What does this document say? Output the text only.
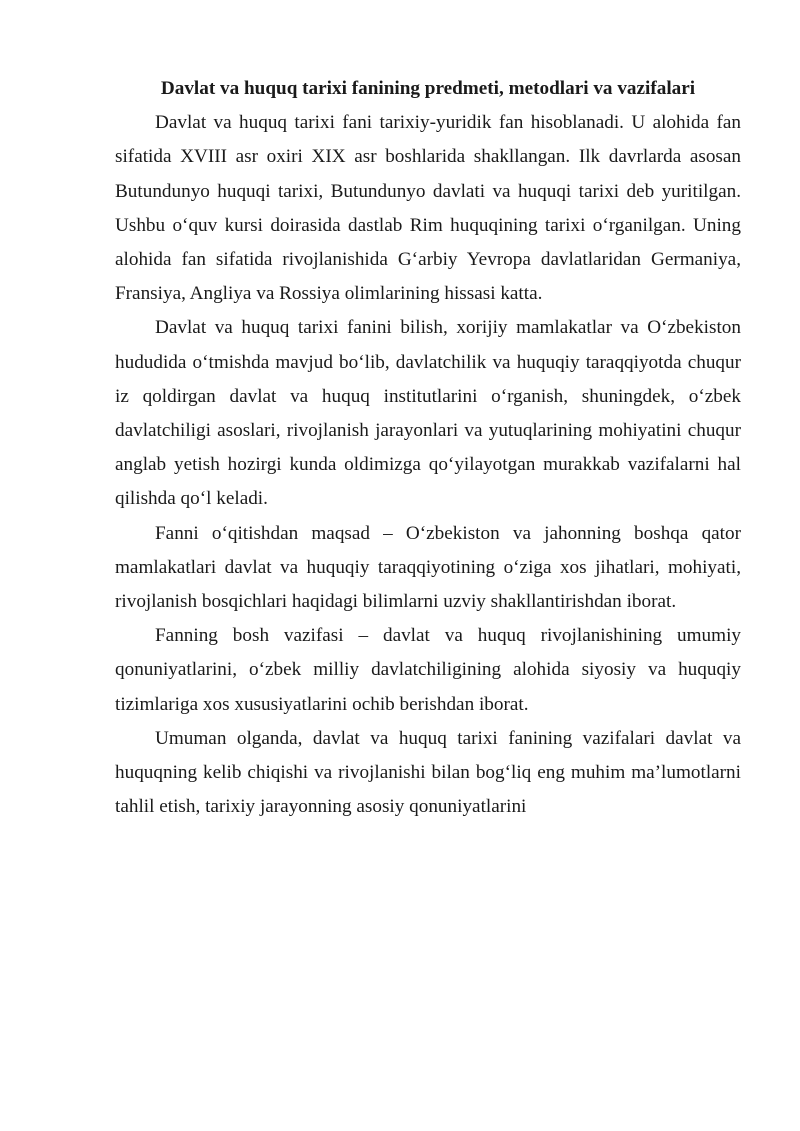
Davlat va huquq tarixi fanining predmeti, metodlari va vazifalari

Davlat va huquq tarixi fani tarixiy-yuridik fan hisoblanadi. U alohida fan sifatida XVIII asr oxiri XIX asr boshlarida shakllangan. Ilk davrlarda asosan Butundunyo huquqi tarixi, Butundunyo davlati va huquqi tarixi deb yuritilgan. Ushbu o‘quv kursi doirasida dastlab Rim huquqining tarixi o‘rganilgan. Uning alohida fan sifatida rivojlanishida G‘arbiy Yevropa davlatlaridan Germaniya, Fransiya, Angliya va Rossiya olimlarining hissasi katta.

Davlat va huquq tarixi fanini bilish, xorijiy mamlakatlar va O‘zbekiston hududida o‘tmishda mavjud bo‘lib, davlatchilik va huquqiy taraqqiyotda chuqur iz qoldirgan davlat va huquq institutlarini o‘rganish, shuningdek, o‘zbek davlatchiligi asoslari, rivojlanish jarayonlari va yutuqlarining mohiyatini chuqur anglab yetish hozirgi kunda oldimizga qo‘yilayotgan murakkab vazifalarni hal qilishda qo‘l keladi.

Fanni o‘qitishdan maqsad – O‘zbekiston va jahonning boshqa qator mamlakatlari davlat va huquqiy taraqqiyotining o‘ziga xos jihatlari, mohiyati, rivojlanish bosqichlari haqidagi bilimlarni uzviy shakllantirishdan iborat.

Fanning bosh vazifasi – davlat va huquq rivojlanishining umumiy qonuniyatlarini, o‘zbek milliy davlatchiligining alohida siyosiy va huquqiy tizimlariga xos xususiyatlarini ochib berishdan iborat.

Umuman olganda, davlat va huquq tarixi fanining vazifalari davlat va huquqning kelib chiqishi va rivojlanishi bilan bog‘liq eng muhim ma’lumotlarni tahlil etish, tarixiy jarayonning asosiy qonuniyatlarini
